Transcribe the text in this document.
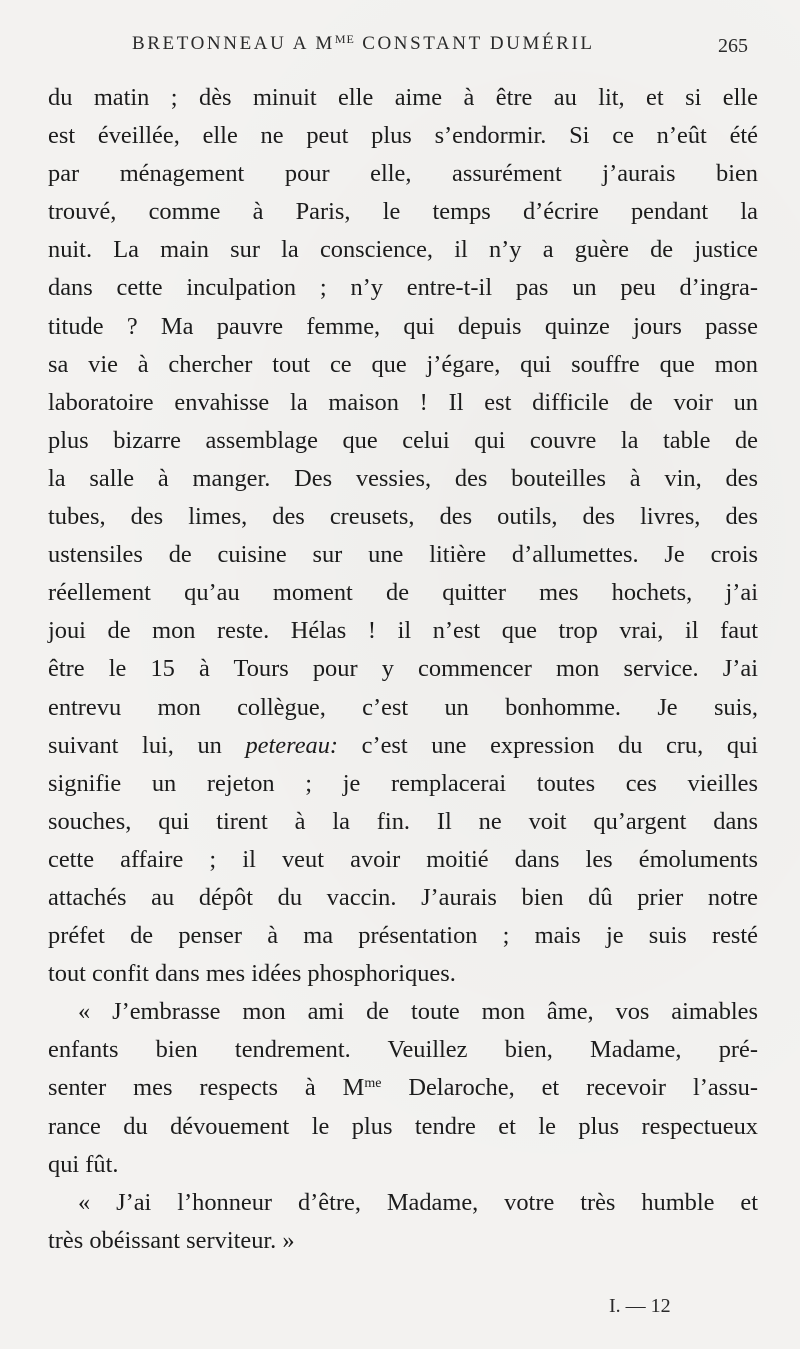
BRETONNEAU A $M^{ME}$ CONSTANT DUMÉRIL	265
du matin ; dès minuit elle aime à être au lit, et si elle
est éveillée, elle ne peut plus s’endormir. Si ce n’eût été
par ménagement pour elle, assurément j’aurais bien
trouvé, comme à Paris, le temps d’écrire pendant la
nuit. La main sur la conscience, il n’y a guère de justice
dans cette inculpation ; n’y entre-t-il pas un peu d’ingra-
titude ? Ma pauvre femme, qui depuis quinze jours passe
sa vie à chercher tout ce que j’égare, qui souffre que mon
laboratoire envahisse la maison ! Il est difficile de voir un
plus bizarre assemblage que celui qui couvre la table de
la salle à manger. Des vessies, des bouteilles à vin, des
tubes, des limes, des creusets, des outils, des livres, des
ustensiles de cuisine sur une litière d’allumettes. Je crois
réellement qu’au moment de quitter mes hochets, j’ai
joui de mon reste. Hélas ! il n’est que trop vrai, il faut
être le 15 à Tours pour y commencer mon service. J’ai
entrevu mon collègue, c’est un bonhomme. Je suis,
suivant lui, un petereau: c’est une expression du cru, qui
signifie un rejeton ; je remplacerai toutes ces vieilles
souches, qui tirent à la fin. Il ne voit qu’argent dans
cette affaire ; il veut avoir moitié dans les émoluments
attachés au dépôt du vaccin. J’aurais bien dû prier notre
préfet de penser à ma présentation ; mais je suis resté
tout confit dans mes idées phosphoriques.
« J’embrasse mon ami de toute mon âme, vos aimables
enfants bien tendrement. Veuillez bien, Madame, pré-
senter mes respects à $M^{me}$ Delaroche, et recevoir l’assu-
rance du dévouement le plus tendre et le plus respectueux
qui fût.
« J’ai l’honneur d’être, Madame, votre très humble et
très obéissant serviteur. »
I. — 12
